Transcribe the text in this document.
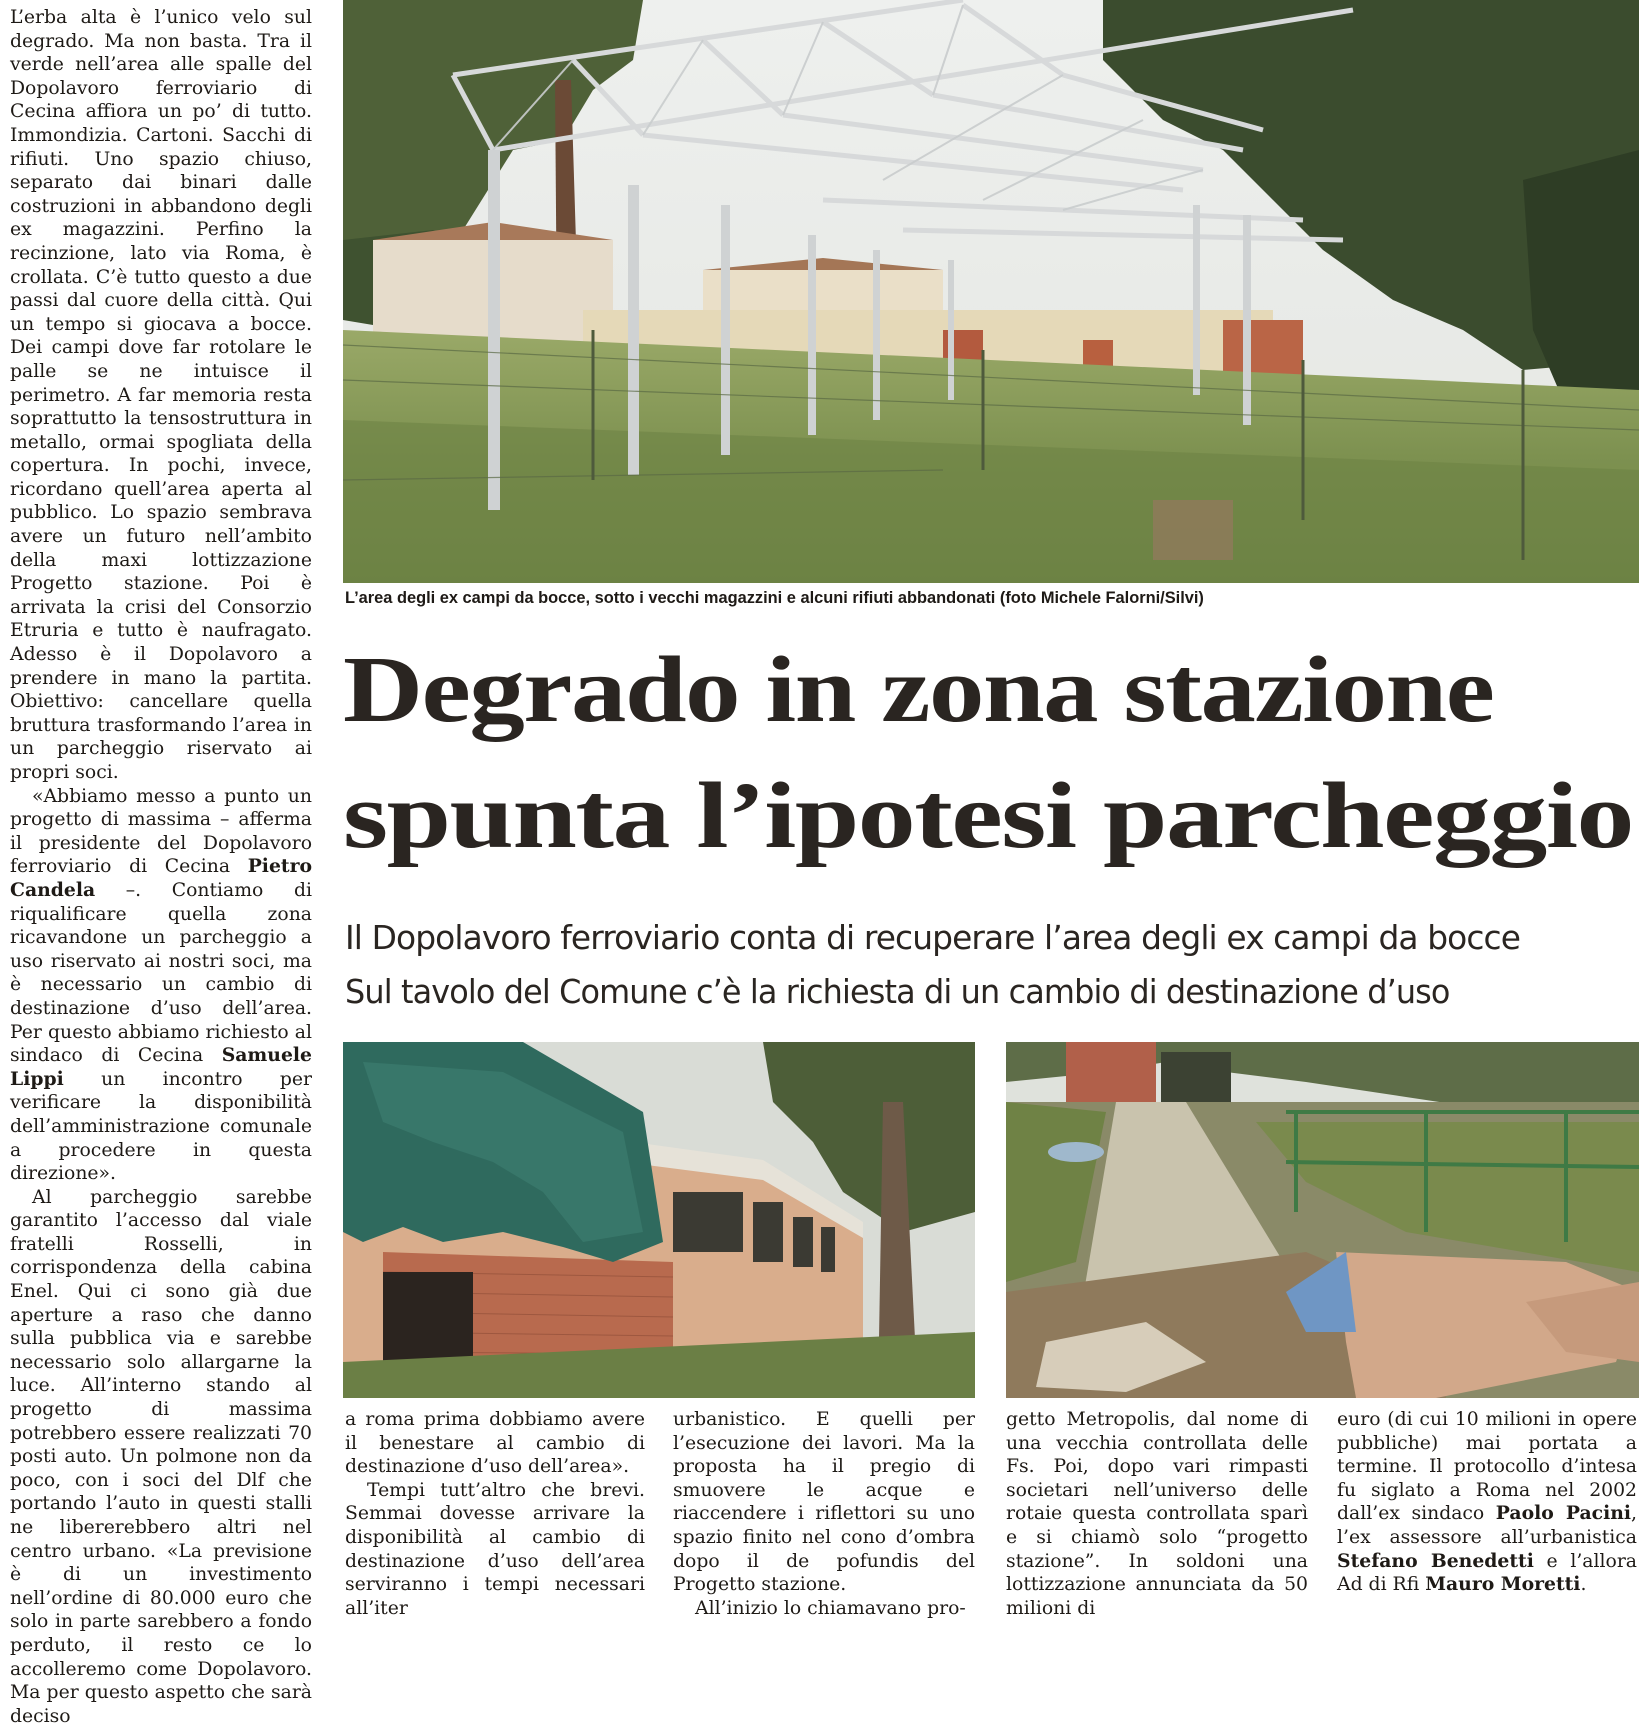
L’erba alta è l’unico velo sul degrado. Ma non basta. Tra il verde nell’area alle spalle del Dopolavoro ferroviario di Cecina affiora un po’ di tutto. Immondizia. Cartoni. Sacchi di rifiuti. Uno spazio chiuso, separato dai binari dalle costruzioni in abbandono degli ex magazzini. Perfino la recinzione, lato via Roma, è crollata. C’è tutto questo a due passi dal cuore della città. Qui un tempo si giocava a bocce. Dei campi dove far rotolare le palle se ne intuisce il perimetro. A far memoria resta soprattutto la tensostruttura in metallo, ormai spogliata della copertura. In pochi, invece, ricordano quell’area aperta al pubblico. Lo spazio sembrava avere un futuro nell’ambito della maxi lottizzazione Progetto stazione. Poi è arrivata la crisi del Consorzio Etruria e tutto è naufragato. Adesso è il Dopolavoro a prendere in mano la partita. Obiettivo: cancellare quella bruttura trasformando l’area in un parcheggio riservato ai propri soci.

«Abbiamo messo a punto un progetto di massima – afferma il presidente del Dopolavoro ferroviario di Cecina Pietro Candela –. Contiamo di riqualificare quella zona ricavandone un parcheggio a uso riservato ai nostri soci, ma è necessario un cambio di destinazione d’uso dell’area. Per questo abbiamo richiesto al sindaco di Cecina Samuele Lippi un incontro per verificare la disponibilità dell’amministrazione comunale a procedere in questa direzione».

Al parcheggio sarebbe garantito l’accesso dal viale fratelli Rosselli, in corrispondenza della cabina Enel. Qui ci sono già due aperture a raso che danno sulla pubblica via e sarebbe necessario solo allargarne la luce. All’interno stando al progetto di massima potrebbero essere realizzati 70 posti auto. Un polmone non da poco, con i soci del Dlf che portando l’auto in questi stalli ne libererebbero altri nel centro urbano. «La previsione è di un investimento nell’ordine di 80.000 euro che solo in parte sarebbero a fondo perduto, il resto ce lo accolleremo come Dopolavoro. Ma per questo aspetto che sarà deciso

L’area degli ex campi da bocce, sotto i vecchi magazzini e alcuni rifiuti abbandonati (foto Michele Falorni/Silvi)
Degrado in zona stazione
spunta l’ipotesi parcheggio
Il Dopolavoro ferroviario conta di recuperare l’area degli ex campi da bocce
Sul tavolo del Comune c’è la richiesta di un cambio di destinazione d’uso

a roma prima dobbiamo avere il benestare al cambio di destinazione d’uso dell’area».

Tempi tutt’altro che brevi. Semmai dovesse arrivare la disponibilità al cambio di destinazione d’uso dell’area serviranno i tempi necessari all’iter

urbanistico. E quelli per l’esecuzione dei lavori. Ma la proposta ha il pregio di smuovere le acque e riaccendere i riflettori su uno spazio finito nel cono d’ombra dopo il de pofundis del Progetto stazione.

All’inizio lo chiamavano pro-

getto Metropolis, dal nome di una vecchia controllata delle Fs. Poi, dopo vari rimpasti societari nell’universo delle rotaie questa controllata sparì e si chiamò solo “progetto stazione”. In soldoni una lottizzazione annunciata da 50 milioni di

euro (di cui 10 milioni in opere pubbliche) mai portata a termine. Il protocollo d’intesa fu siglato a Roma nel 2002 dall’ex sindaco Paolo Pacini, l’ex assessore all’urbanistica Stefano Benedetti e l’allora Ad di Rfi Mauro Moretti.
